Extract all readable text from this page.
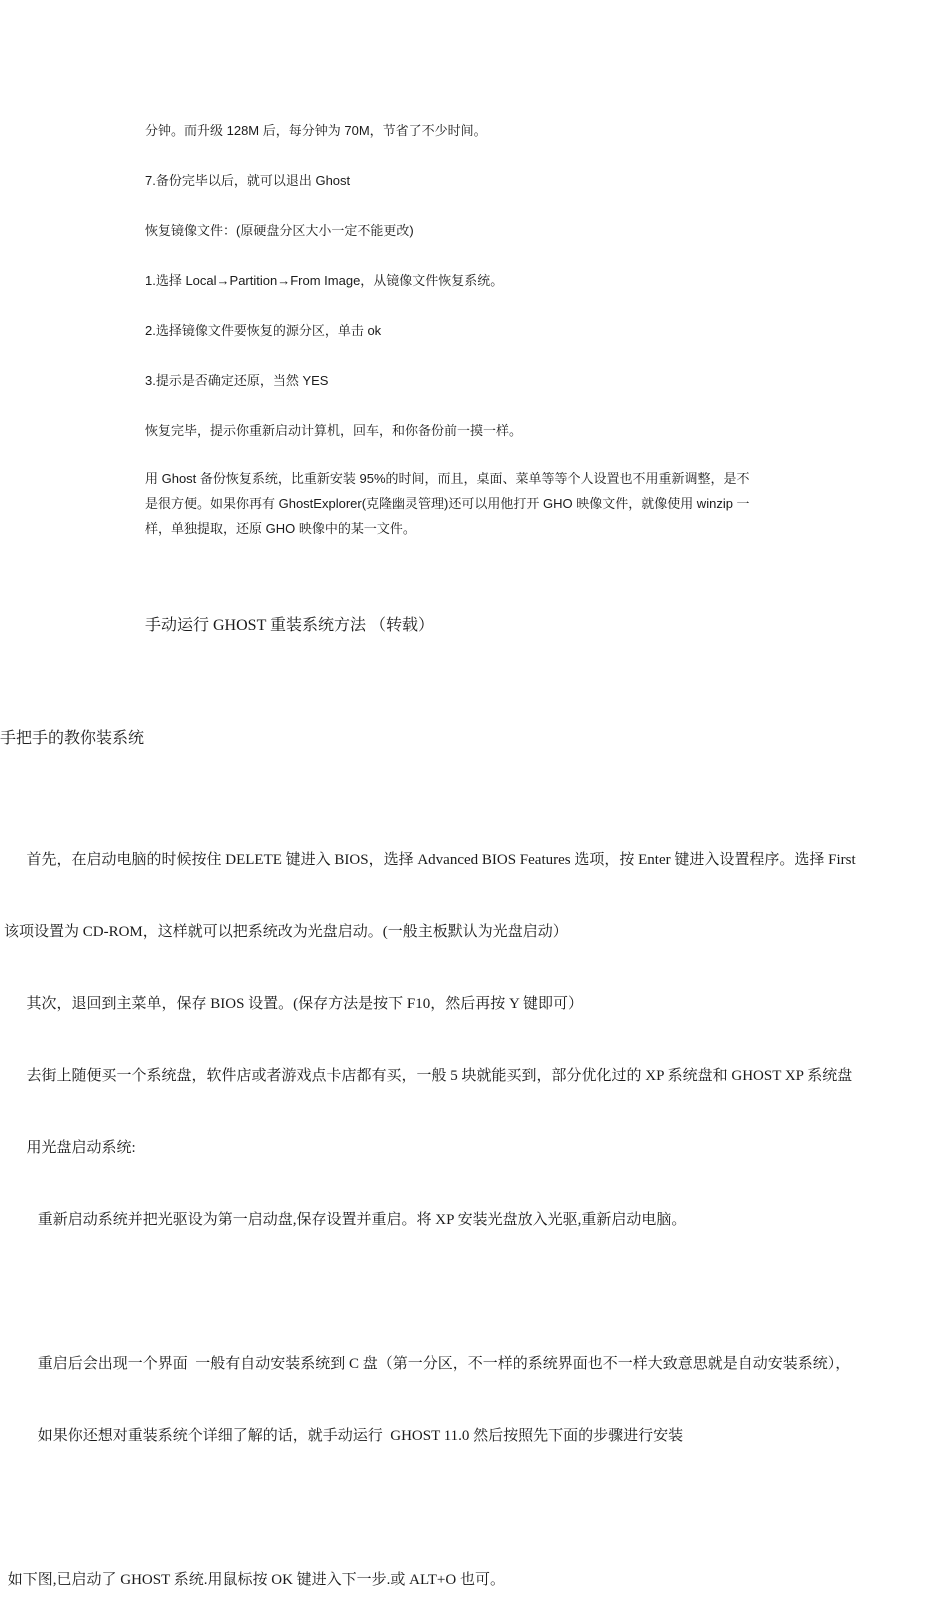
分钟。而升级 128M 后，每分钟为 70M，节省了不少时间。

7.备份完毕以后，就可以退出 Ghost

恢复镜像文件：(原硬盘分区大小一定不能更改)

1.选择 Local→Partition→From Image，从镜像文件恢复系统。

2.选择镜像文件要恢复的源分区，单击 ok

3.提示是否确定还原，当然 YES

恢复完毕，提示你重新启动计算机，回车，和你备份前一摸一样。

用 Ghost 备份恢复系统，比重新安装 95%的时间，而且，桌面、菜单等等个人设置也不用重新调整，是不
是很方便。如果你再有 GhostExplorer(克隆幽灵管理)还可以用他打开 GHO 映像文件，就像使用 winzip 一
样，单独提取，还原 GHO 映像中的某一文件。
手动运行 GHOST 重装系统方法 （转载）
手把手的教你装系统

首先，在启动电脑的时候按住 DELETE 键进入 BIOS，选择 Advanced BIOS Features 选项，按 Enter 键进入设置程序。选择 First

该项设置为 CD-ROM，这样就可以把系统改为光盘启动。(一般主板默认为光盘启动）

其次，退回到主菜单，保存 BIOS 设置。(保存方法是按下 F10，然后再按 Y 键即可）

去街上随便买一个系统盘，软件店或者游戏点卡店都有买，一般 5 块就能买到，部分优化过的 XP 系统盘和 GHOST XP 系统盘

用光盘启动系统:

重新启动系统并把光驱设为第一启动盘,保存设置并重启。将 XP 安装光盘放入光驱,重新启动电脑。

重启后会出现一个界面  一般有自动安装系统到 C 盘（第一分区，不一样的系统界面也不一样大致意思就是自动安装系统），

如果你还想对重装系统个详细了解的话，就手动运行  GHOST 11.0 然后按照先下面的步骤进行安装

如下图,已启动了 GHOST 系统.用鼠标按 OK 键进入下一步.或 ALT+O 也可。
